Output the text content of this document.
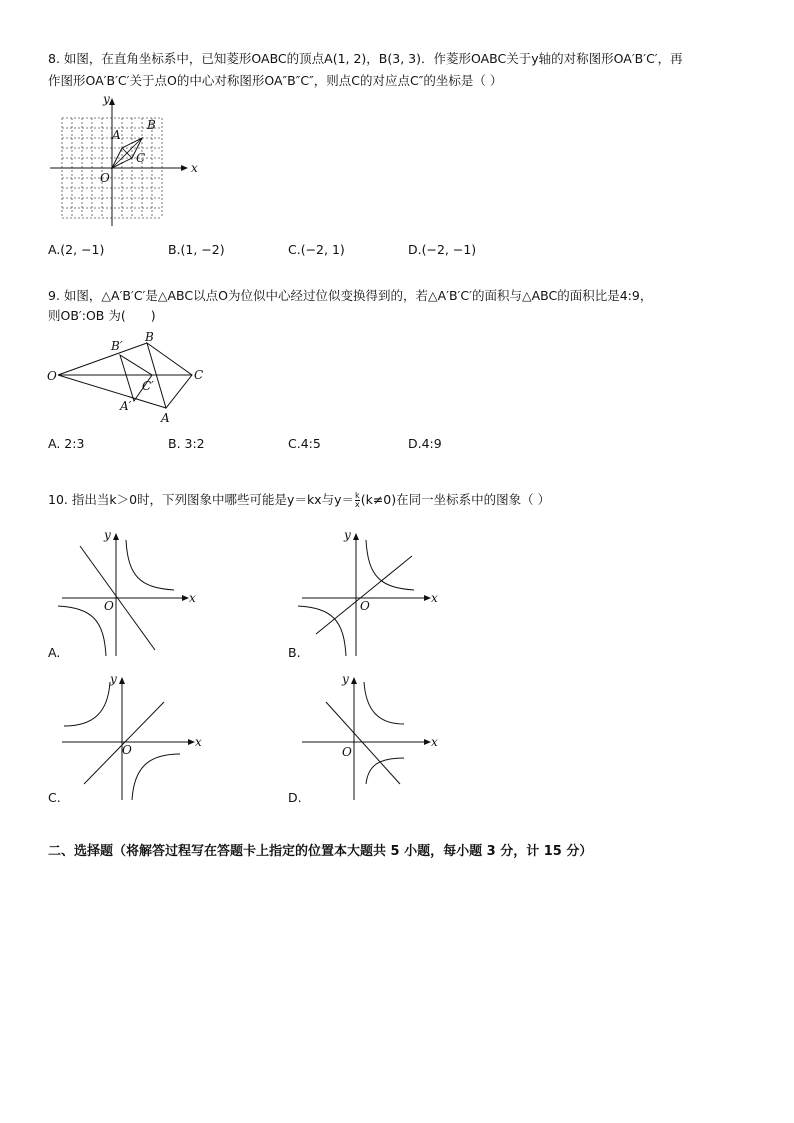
8. 如图，在直角坐标系中，已知菱形OABC的顶点A(1, 2)，B(3, 3)．作菱形OABC关于y轴的对称图形OA′B′C′，再
作图形OA′B′C′关于点O的中心对称图形OA″B″C″，则点C的对应点C″的坐标是（ ）
x
y
O
A
B
C
A.(2, −1)	B.(1, −2)	C.(−2, 1)	D.(−2, −1)
9. 如图，△A′B′C′是△ABC以点O为位似中心经过位似变换得到的，若△A′B′C′的面积与△ABC的面积比是4:9，
则OB′:OB 为(　　)
O
B′
B
C′
C
A′
A
A. 2:3	B. 3:2	C.4:5	D.4:9
10. 指出当k＞0时，下列图象中哪些可能是y＝kx与$y= \frac{k}{x} (k\ne 0)$在同一坐标系中的图象（ ）
x
y
O
A.
x
y
O
B.
x
y
O
C.
x
y
O
D.
二、选择题（将解答过程写在答题卡上指定的位置本大题共 5 小题，每小题 3 分，计 15 分）
